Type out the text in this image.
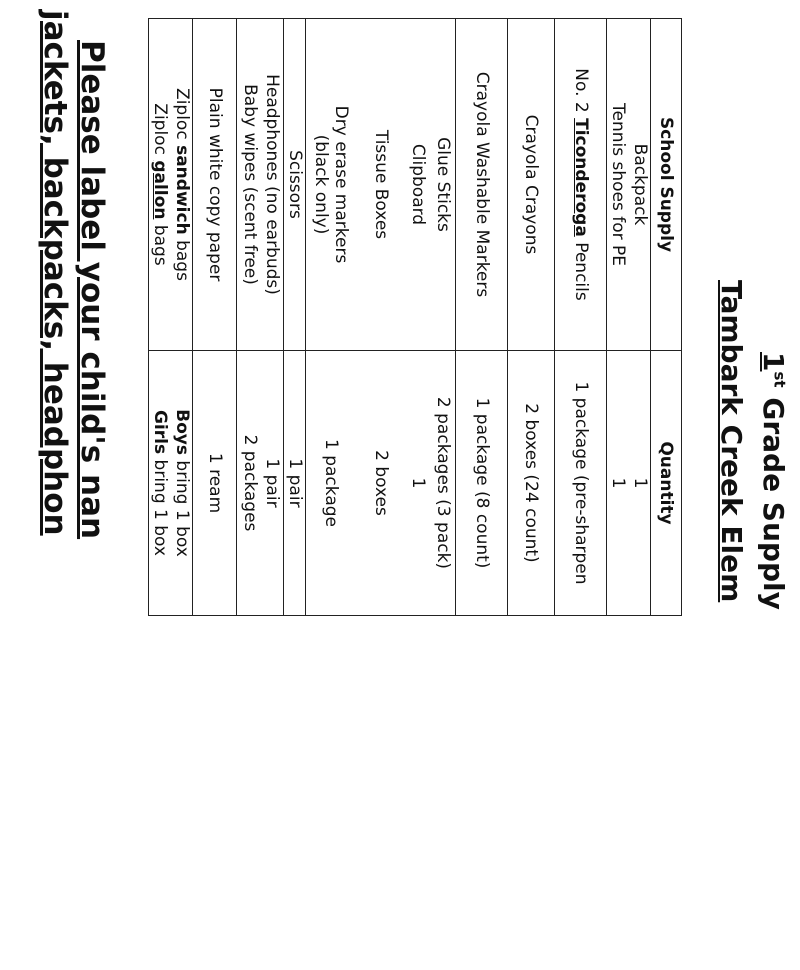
1st Grade Supply
Tambark Creek Elem
School Supply	Quantity
Backpack	1
Tennis shoes for PE	1
No. 2 Ticonderoga Pencils	1 package (pre-sharpen
Crayola Crayons	2 boxes (24 count)
Crayola Washable Markers	1 package (8 count)
Glue Sticks	2 packages (3 pack)
Clipboard	1
Tissue Boxes	2 boxes
Dry erase markers
(black only)	1 package
Scissors	1 pair
Headphones (no earbuds)	1 pair
Baby wipes (scent free)	2 packages
Plain white copy paper	1 ream
Ziploc sandwich bags	Boys bring 1 box
Ziploc gallon bags	Girls bring 1 box
Please label your child's nan
jackets, backpacks, headphon
